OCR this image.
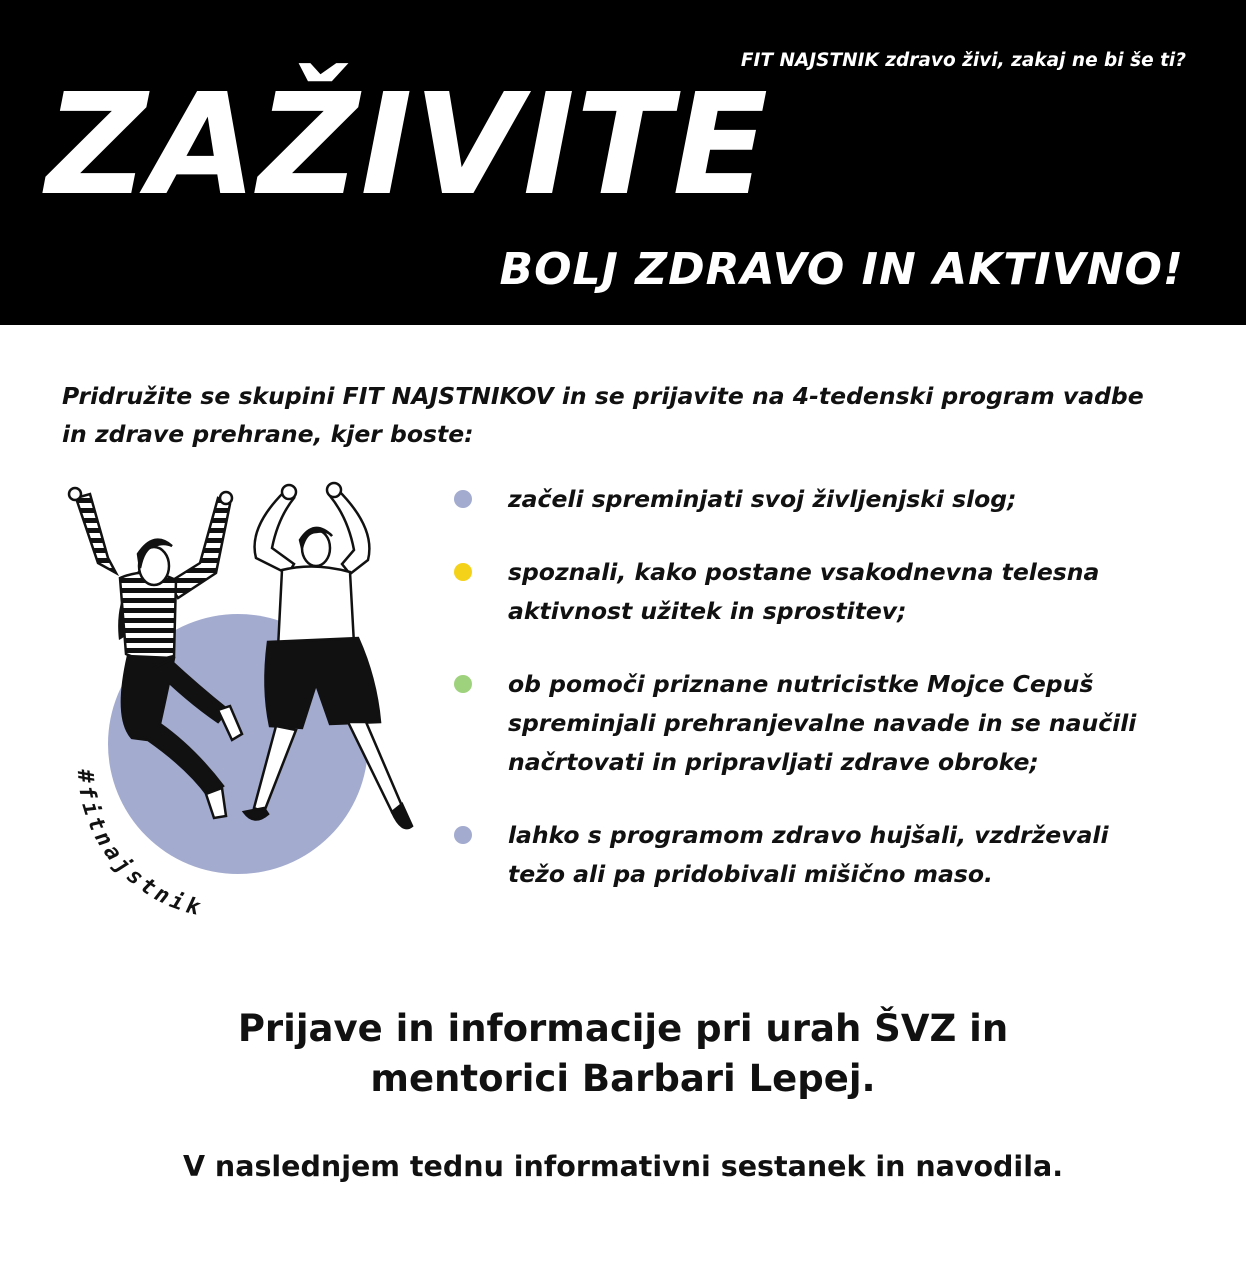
FIT NAJSTNIK zdravo živi, zakaj ne bi še ti?
ZAŽIVITE
BOLJ ZDRAVO IN AKTIVNO!

Pridružite se skupini FIT NAJSTNIKOV in se prijavite na 4-tedenski program vadbe
in zdrave prehrane, kjer boste:

#fitnajstnik
začeli spreminjati svoj življenjski slog;
spoznali, kako postane vsakodnevna telesna
aktivnost užitek in sprostitev;
ob pomoči priznane nutricistke Mojce Cepuš
spreminjali prehranjevalne navade in se naučili
načrtovati in pripravljati zdrave obroke;
lahko s programom zdravo hujšali, vzdrževali
težo ali pa pridobivali mišično maso.
Prijave in informacije pri urah ŠVZ in
mentorici Barbari Lepej.
V naslednjem tednu informativni sestanek in navodila.
